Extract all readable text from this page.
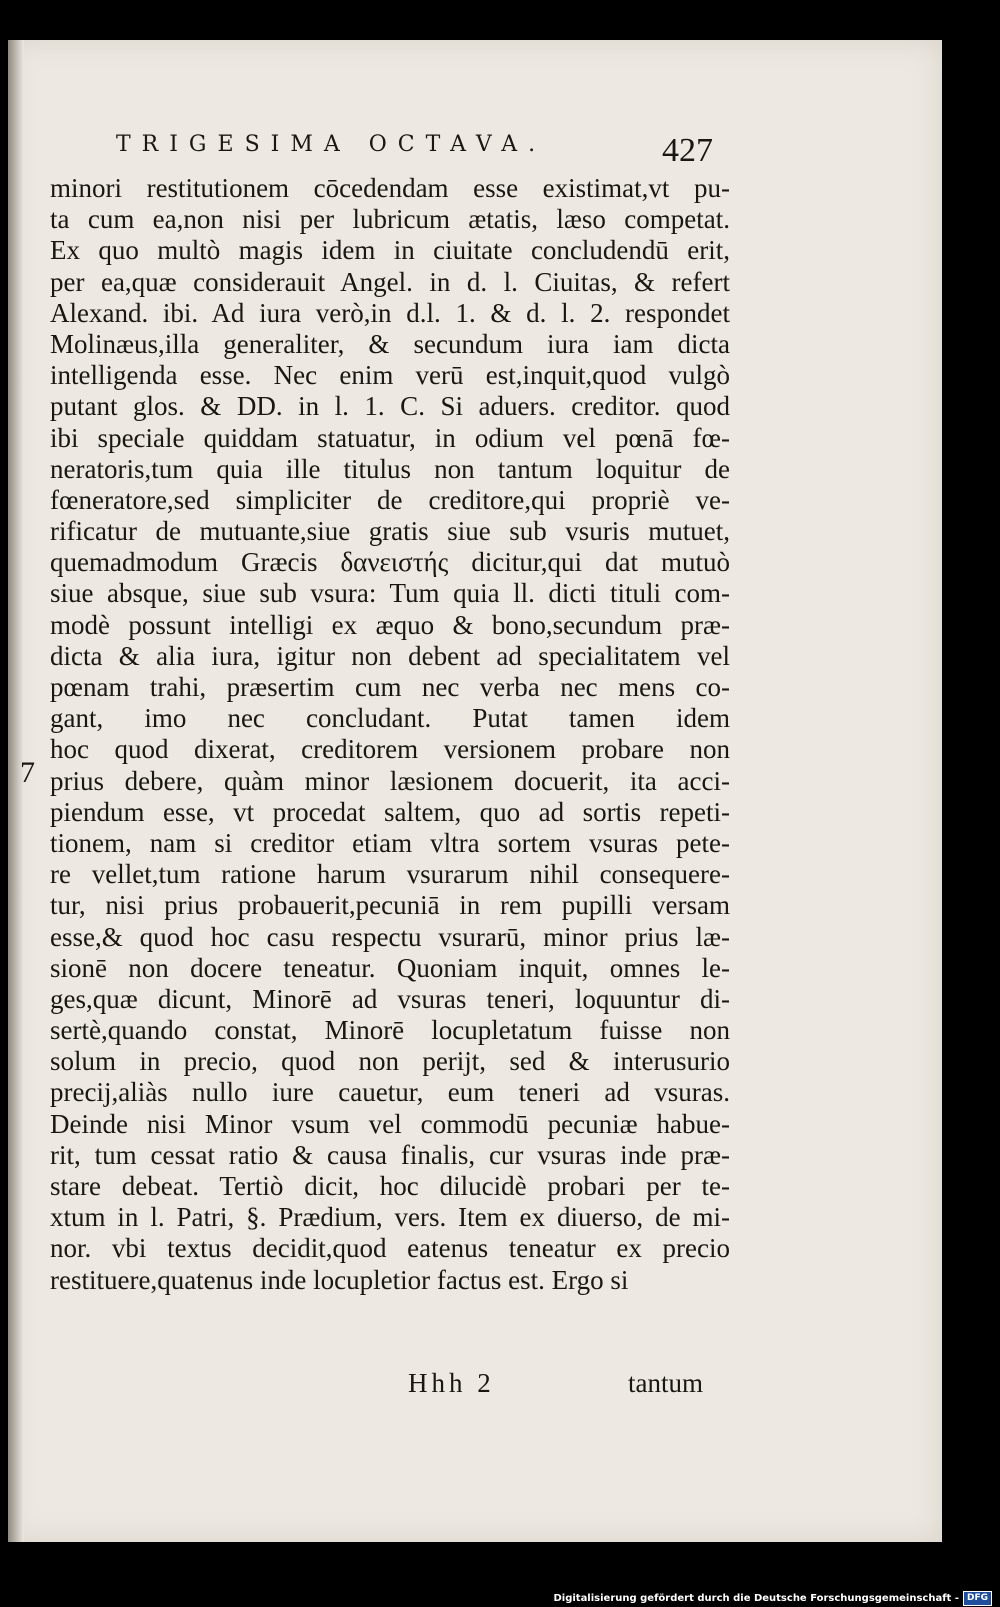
TRIGESIMA OCTAVA.	427
7
minori restitutionem cōcedendam esse existimat,vt pu-
ta cum ea,non nisi per lubricum ætatis, læso competat.
Ex quo multò magis idem in ciuitate concludendū erit,
per ea,quæ considerauit Angel. in d. l. Ciuitas, & refert
Alexand. ibi. Ad iura verò,in d.l. 1. & d. l. 2. respondet
Molinæus,illa generaliter, & secundum iura iam dicta
intelligenda esse. Nec enim verū est,inquit,quod vulgò
putant glos. & DD. in l. 1. C. Si aduers. creditor. quod
ibi speciale quiddam statuatur, in odium vel pœnā fœ-
neratoris,tum quia ille titulus non tantum loquitur de
fœneratore,sed simpliciter de creditore,qui propriè ve-
rificatur de mutuante,siue gratis siue sub vsuris mutuet,
quemadmodum Græcis δανειστής dicitur,qui dat mutuò
siue absque, siue sub vsura: Tum quia ll. dicti tituli com-
modè possunt intelligi ex æquo & bono,secundum præ-
dicta & alia iura, igitur non debent ad specialitatem vel
pœnam trahi, præsertim cum nec verba nec mens co-
gant, imo nec concludant. Putat tamen idem
hoc quod dixerat, creditorem versionem probare non
prius debere, quàm minor læsionem docuerit, ita acci-
piendum esse, vt procedat saltem, quo ad sortis repeti-
tionem, nam si creditor etiam vltra sortem vsuras pete-
re vellet,tum ratione harum vsurarum nihil consequere-
tur, nisi prius probauerit,pecuniā in rem pupilli versam
esse,& quod hoc casu respectu vsurarū, minor prius læ-
sionē non docere teneatur. Quoniam inquit, omnes le-
ges,quæ dicunt, Minorē ad vsuras teneri, loquuntur di-
sertè,quando constat, Minorē locupletatum fuisse non
solum in precio, quod non perijt, sed & interusurio
precij,aliàs nullo iure cauetur, eum teneri ad vsuras.
Deinde nisi Minor vsum vel commodū pecuniæ habue-
rit, tum cessat ratio & causa finalis, cur vsuras inde præ-
stare debeat. Tertiò dicit, hoc dilucidè probari per te-
xtum in l. Patri, §. Prædium, vers. Item ex diuerso, de mi-
nor. vbi textus decidit,quod eatenus teneatur ex precio
restituere,quatenus inde locupletior factus est. Ergo si
Hhh 2	tantum
Digitalisierung gefördert durch die Deutsche Forschungsgemeinschaft - DFG
